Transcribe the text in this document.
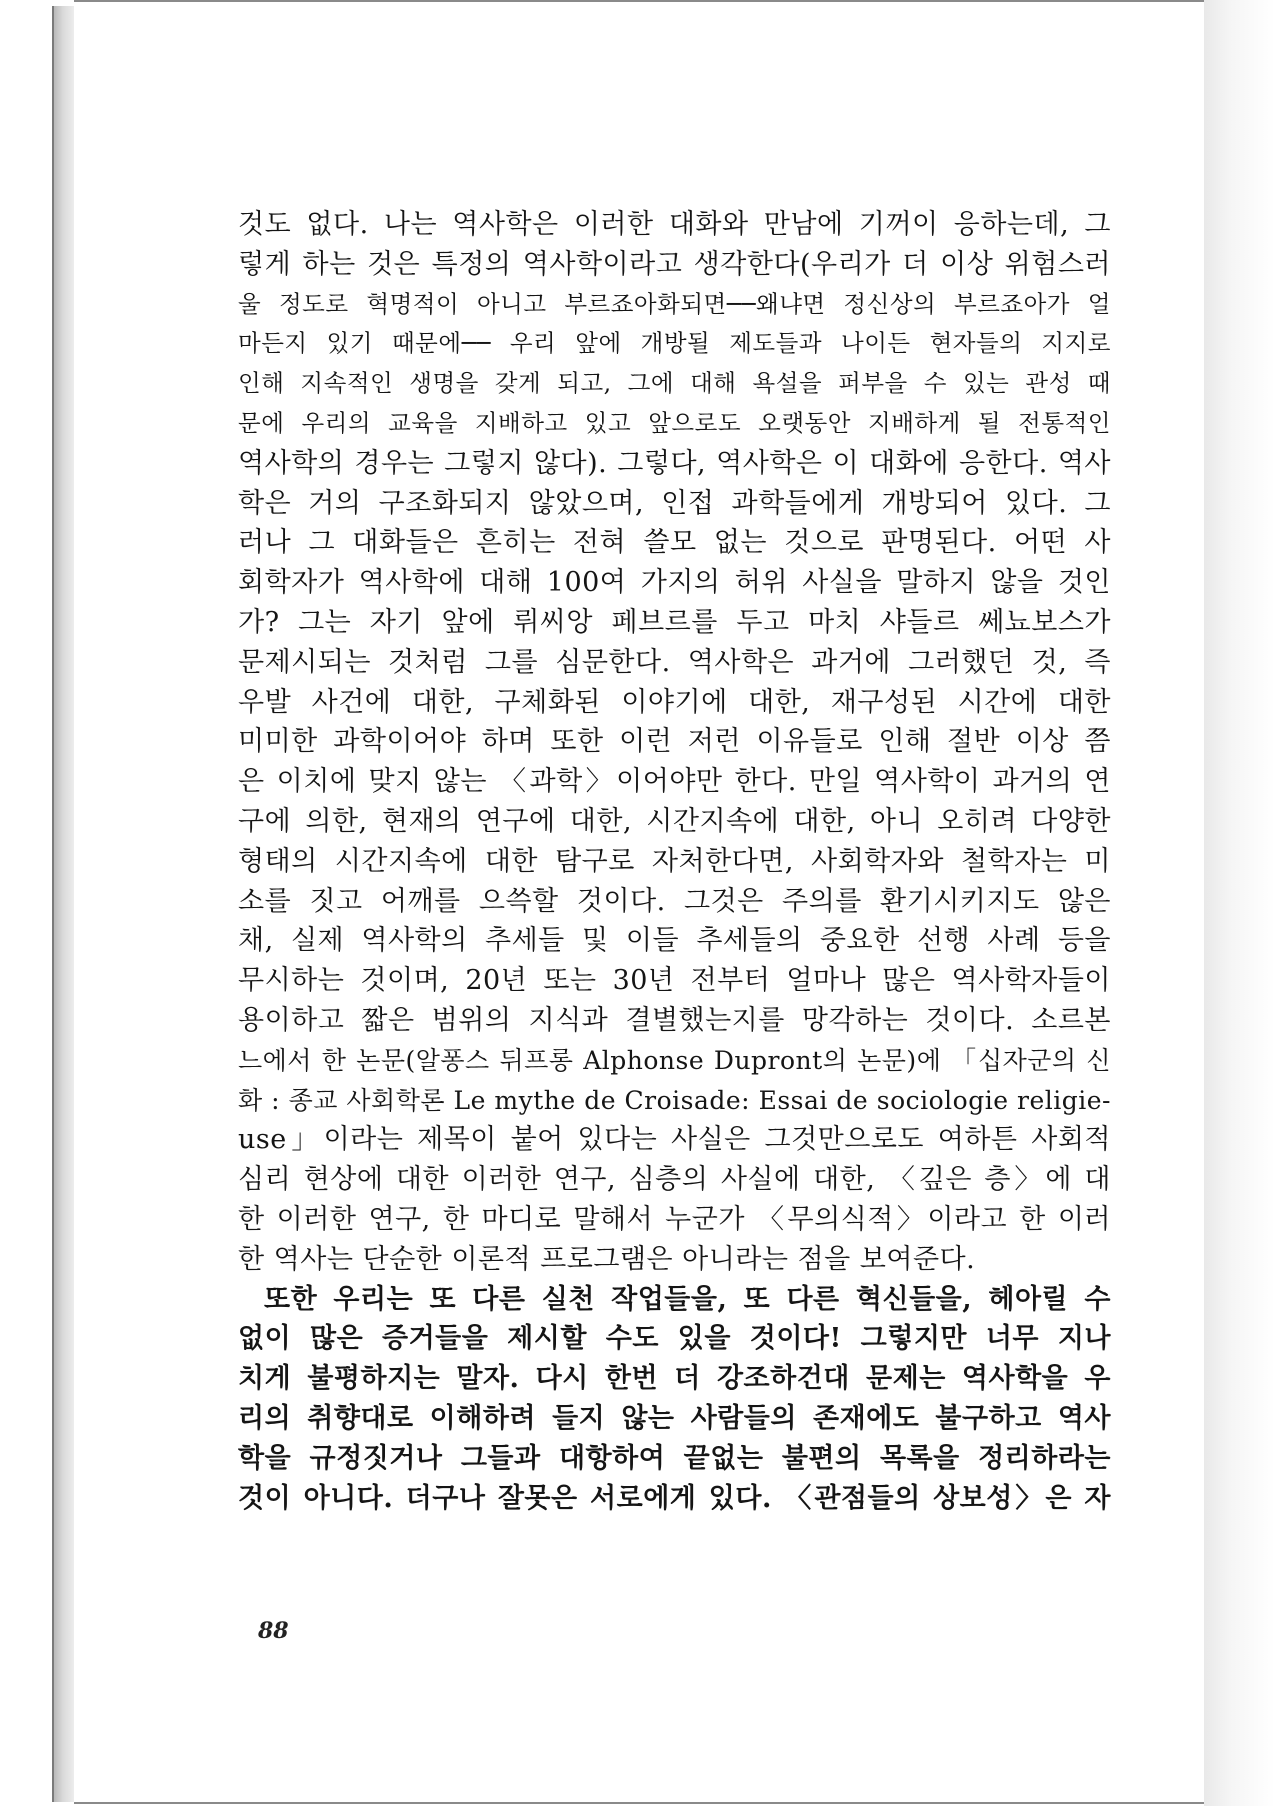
것도 없다. 나는 역사학은 이러한 대화와 만남에 기꺼이 응하는데, 그
렇게 하는 것은 특정의 역사학이라고 생각한다(우리가 더 이상 위험스러
울 정도로 혁명적이 아니고 부르죠아화되면──왜냐면 정신상의 부르죠아가 얼
마든지 있기 때문에── 우리 앞에 개방될 제도들과 나이든 현자들의 지지로
인해 지속적인 생명을 갖게 되고, 그에 대해 욕설을 퍼부을 수 있는 관성 때
문에 우리의 교육을 지배하고 있고 앞으로도 오랫동안 지배하게 될 전통적인
역사학의 경우는 그렇지 않다). 그렇다, 역사학은 이 대화에 응한다. 역사
학은 거의 구조화되지 않았으며, 인접 과학들에게 개방되어 있다. 그
러나 그 대화들은 흔히는 전혀 쓸모 없는 것으로 판명된다. 어떤 사
회학자가 역사학에 대해 100여 가지의 허위 사실을 말하지 않을 것인
가? 그는 자기 앞에 뤼씨앙 페브르를 두고 마치 샤들르 쎄뇨보스가
문제시되는 것처럼 그를 심문한다. 역사학은 과거에 그러했던 것, 즉
우발 사건에 대한, 구체화된 이야기에 대한, 재구성된 시간에 대한
미미한 과학이어야 하며 또한 이런 저런 이유들로 인해 절반 이상 쯤
은 이치에 맞지 않는 〈과학〉이어야만 한다. 만일 역사학이 과거의 연
구에 의한, 현재의 연구에 대한, 시간지속에 대한, 아니 오히려 다양한
형태의 시간지속에 대한 탐구로 자처한다면, 사회학자와 철학자는 미
소를 짓고 어깨를 으쓱할 것이다. 그것은 주의를 환기시키지도 않은
채, 실제 역사학의 추세들 및 이들 추세들의 중요한 선행 사례 등을
무시하는 것이며, 20년 또는 30년 전부터 얼마나 많은 역사학자들이
용이하고 짧은 범위의 지식과 결별했는지를 망각하는 것이다. 소르본
느에서 한 논문(알퐁스 뒤프롱 Alphonse Dupront의 논문)에 「십자군의 신
화 : 종교 사회학론 Le mythe de Croisade: Essai de sociologie religie-
use」이라는 제목이 붙어 있다는 사실은 그것만으로도 여하튼 사회적
심리 현상에 대한 이러한 연구, 심층의 사실에 대한, 〈깊은 층〉에 대
한 이러한 연구, 한 마디로 말해서 누군가 〈무의식적〉이라고 한 이러
한 역사는 단순한 이론적 프로그램은 아니라는 점을 보여준다.
또한 우리는 또 다른 실천 작업들을, 또 다른 혁신들을, 헤아릴 수
없이 많은 증거들을 제시할 수도 있을 것이다! 그렇지만 너무 지나
치게 불평하지는 말자. 다시 한번 더 강조하건대 문제는 역사학을 우
리의 취향대로 이해하려 들지 않는 사람들의 존재에도 불구하고 역사
학을 규정짓거나 그들과 대항하여 끝없는 불편의 목록을 정리하라는
것이 아니다. 더구나 잘못은 서로에게 있다. 〈관점들의 상보성〉은 자
88
